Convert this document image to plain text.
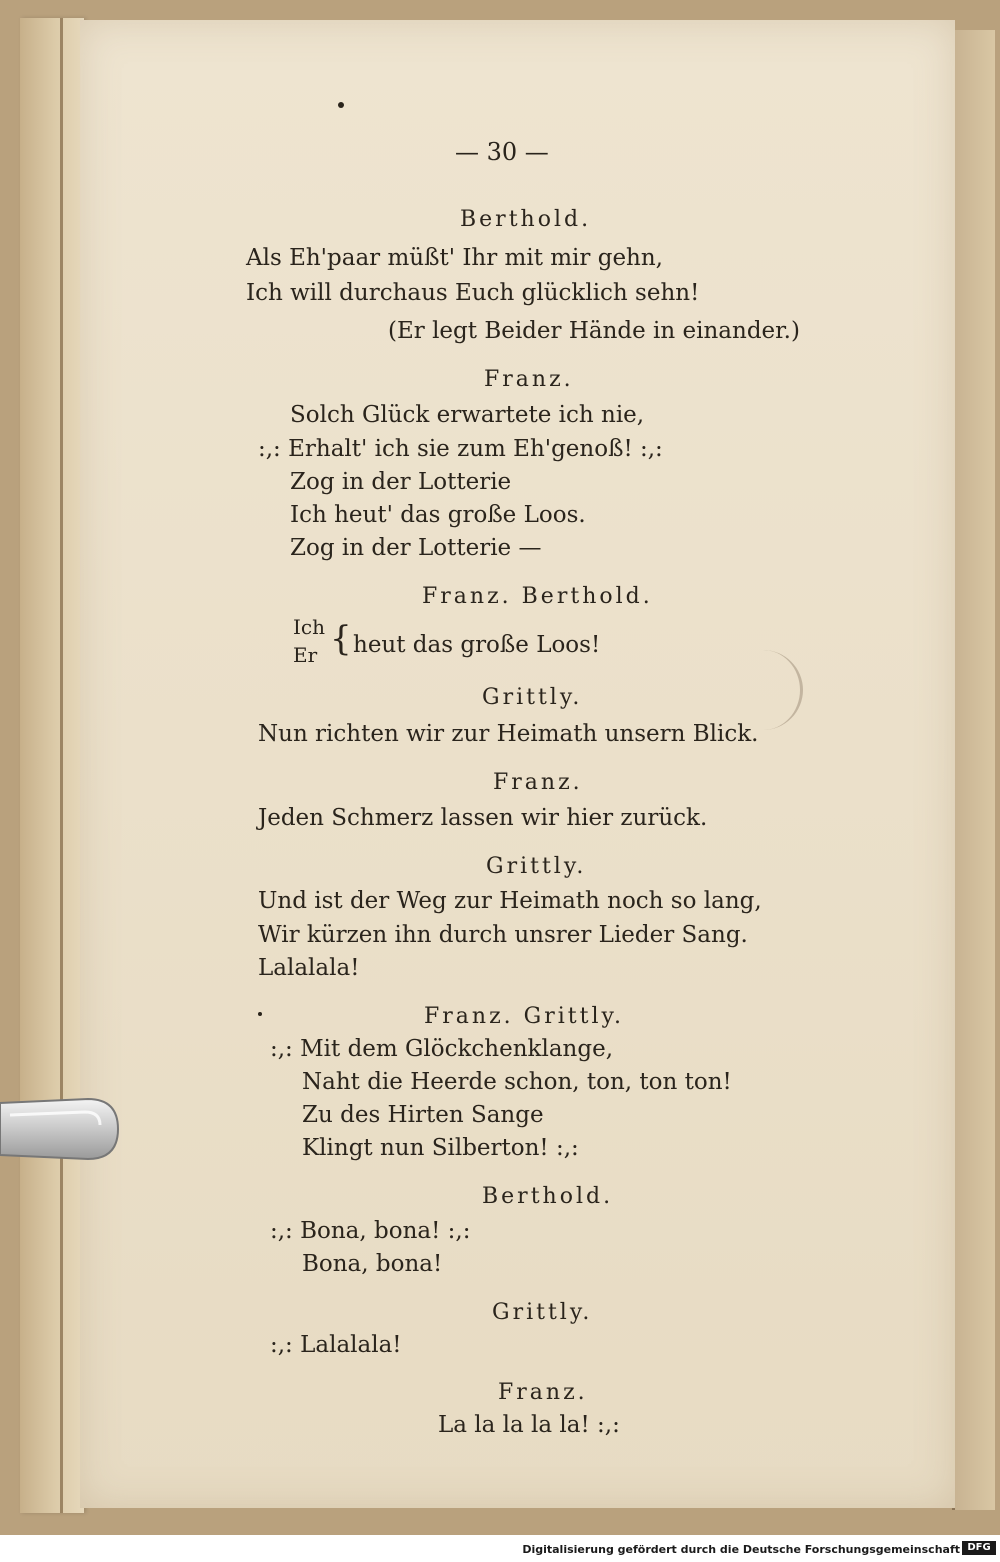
— 30 —
Berthold.
Als Eh'paar müßt' Ihr mit mir gehn,
Ich will durchaus Euch glücklich sehn!
(Er legt Beider Hände in einander.)
Franz.
Solch Glück erwartete ich nie,
:,: Erhalt' ich sie zum Eh'genoß! :,:
Zog in der Lotterie
Ich heut' das große Loos.
Zog in der Lotterie —
Franz. Berthold.
Ich
Er { heut das große Loos!
Grittly.
Nun richten wir zur Heimath unsern Blick.
Franz.
Jeden Schmerz lassen wir hier zurück.
Grittly.
Und ist der Weg zur Heimath noch so lang,
Wir kürzen ihn durch unsrer Lieder Sang.
Lalalala!
Franz. Grittly.
:,: Mit dem Glöckchenklange,
Naht die Heerde schon, ton, ton ton!
Zu des Hirten Sange
Klingt nun Silberton! :,:
Berthold.
:,: Bona, bona! :,:
Bona, bona!
Grittly.
:,: Lalalala!
Franz.
La la la la la! :,:
Digitalisierung gefördert durch die Deutsche Forschungsgemeinschaft DFG
